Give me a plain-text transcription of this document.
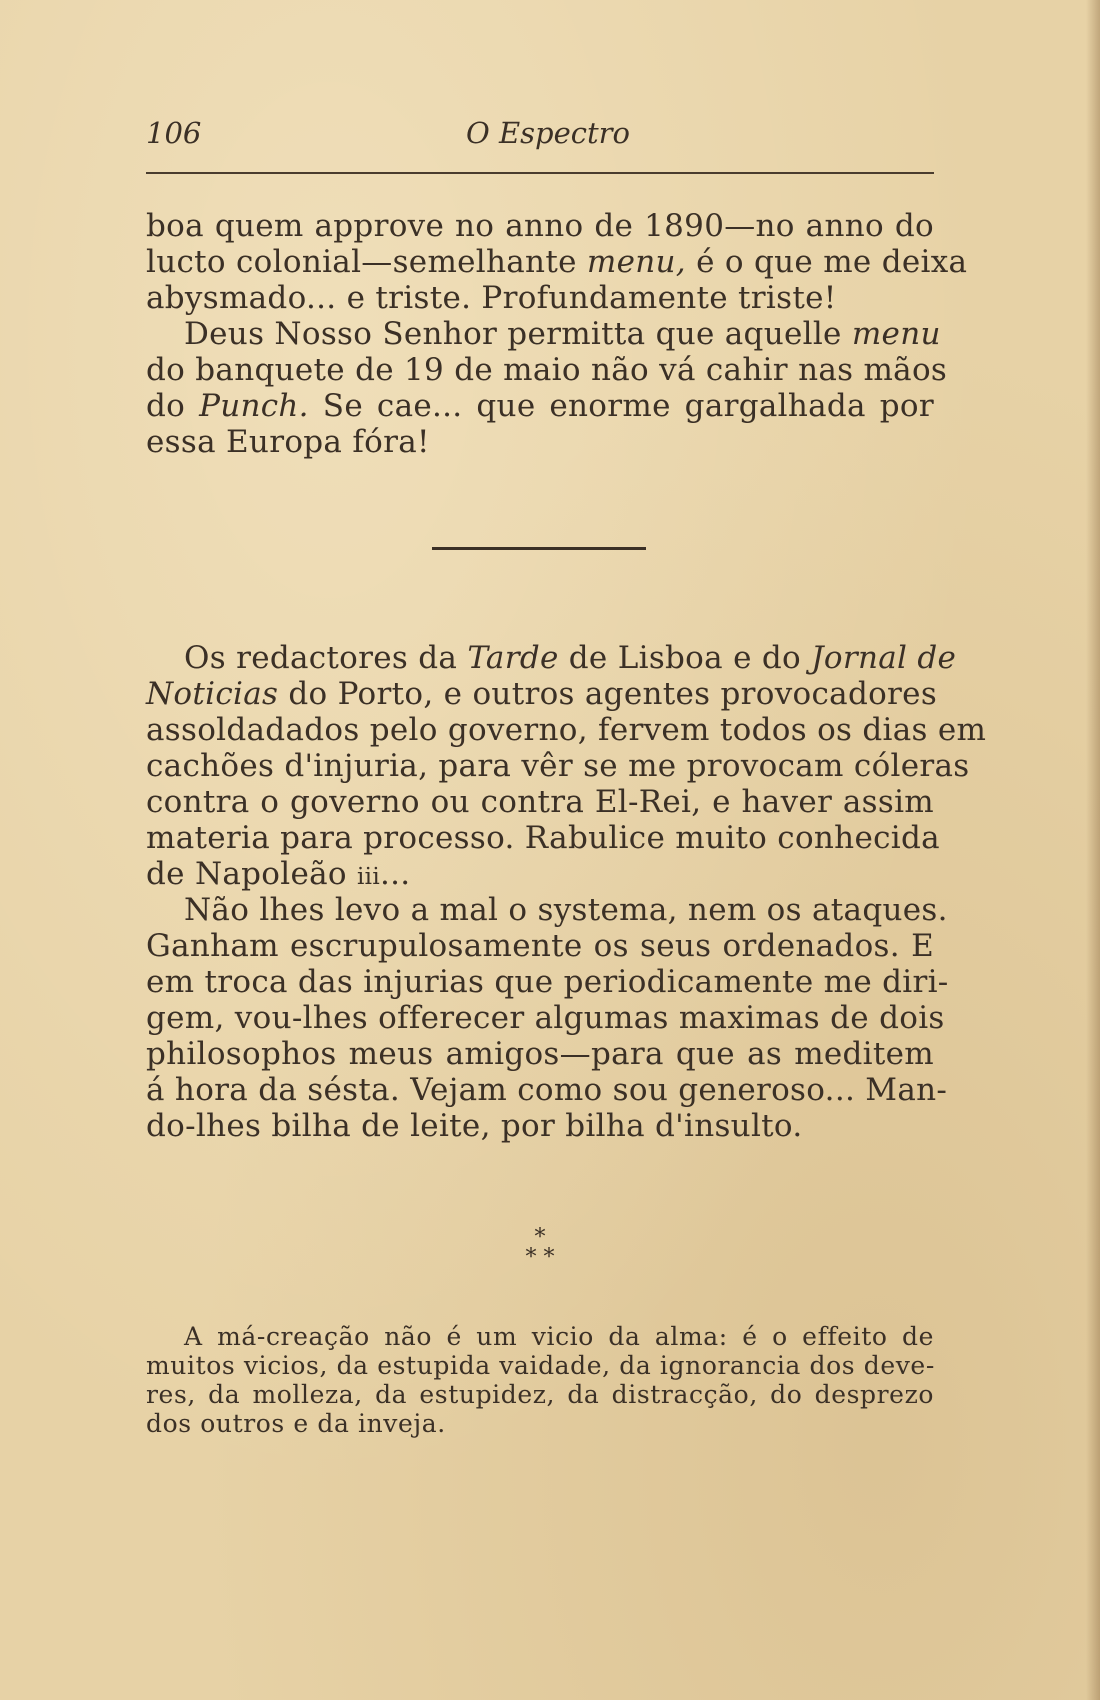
106	O Espectro
boa quem approve no anno de 1890—no anno do
lucto colonial—semelhante menu, é o que me deixa
abysmado... e triste. Profundamente triste!
Deus Nosso Senhor permitta que aquelle menu
do banquete de 19 de maio não vá cahir nas mãos
do Punch. Se cae... que enorme gargalhada por
essa Europa fóra!
Os redactores da Tarde de Lisboa e do Jornal de
Noticias do Porto, e outros agentes provocadores
assoldadados pelo governo, fervem todos os dias em
cachões d'injuria, para vêr se me provocam cóleras
contra o governo ou contra El-Rei, e haver assim
materia para processo. Rabulice muito conhecida
de Napoleão iii...
Não lhes levo a mal o systema, nem os ataques.
Ganham escrupulosamente os seus ordenados. E
em troca das injurias que periodicamente me diri-
gem, vou-lhes offerecer algumas maximas de dois
philosophos meus amigos—para que as meditem
á hora da sésta. Vejam como sou generoso... Man-
do-lhes bilha de leite, por bilha d'insulto.
*
* *
A má-creação não é um vicio da alma: é o effeito de
muitos vicios, da estupida vaidade, da ignorancia dos deve-
res, da molleza, da estupidez, da distracção, do desprezo
dos outros e da inveja.
